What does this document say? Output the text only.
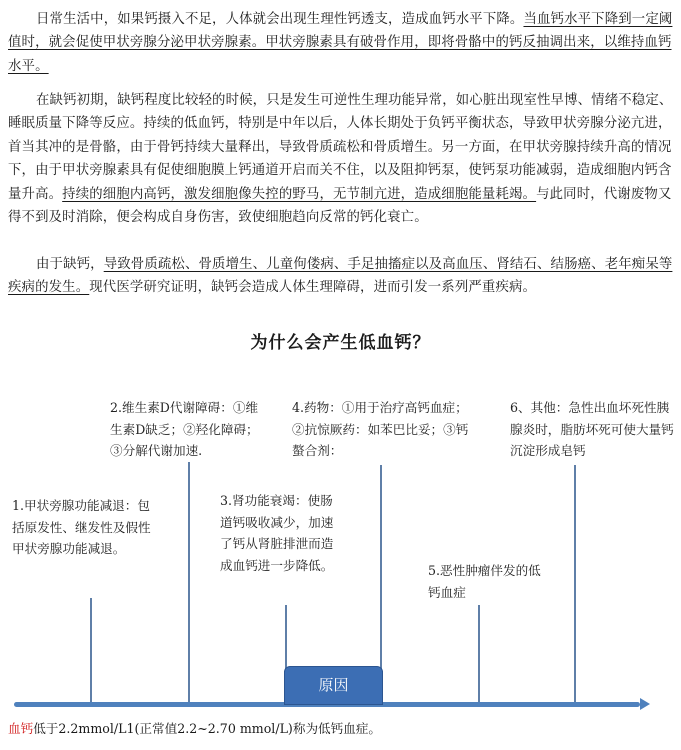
日常生活中，如果钙摄入不足，人体就会出现生理性钙透支，造成血钙水平下降。当血钙水平下降到一定阈值时，就会促使甲状旁腺分泌甲状旁腺素。甲状旁腺素具有破骨作用，即将骨骼中的钙反抽调出来，以维持血钙水平。

在缺钙初期，缺钙程度比较轻的时候，只是发生可逆性生理功能异常，如心脏出现室性早博、情绪不稳定、睡眠质量下降等反应。持续的低血钙，特别是中年以后，人体长期处于负钙平衡状态，导致甲状旁腺分泌亢进，首当其冲的是骨骼，由于骨钙持续大量释出，导致骨质疏松和骨质增生。另一方面，在甲状旁腺持续升高的情况下，由于甲状旁腺素具有促使细胞膜上钙通道开启而关不住，以及阻抑钙泵，使钙泵功能减弱，造成细胞内钙含量升高。持续的细胞内高钙，激发细胞像失控的野马，无节制亢进，造成细胞能量耗竭。与此同时，代谢废物又得不到及时消除，便会构成自身伤害，致使细胞趋向反常的钙化衰亡。

由于缺钙，导致骨质疏松、骨质增生、儿童佝偻病、手足抽搐症以及高血压、肾结石、结肠癌、老年痴呆等疾病的发生。现代医学研究证明，缺钙会造成人体生理障碍，进而引发一系列严重疾病。

为什么会产生低血钙？
1.甲状旁腺功能减退：包括原发性、继发性及假性甲状旁腺功能减退。
2.维生素D代谢障碍：①维生素D缺乏；②羟化障碍；③分解代谢加速.
3.肾功能衰竭：使肠道钙吸收减少，加速了钙从肾脏排泄而造成血钙进一步降低。
4.药物：①用于治疗高钙血症；②抗惊厥药：如苯巴比妥；③钙螯合剂：
5.恶性肿瘤伴发的低钙血症
6、其他：急性出血坏死性胰腺炎时，脂肪坏死可使大量钙沉淀形成皂钙
原因
血钙低于2.2mmol/L1(正常值2.2~2.70 mmol/L)称为低钙血症。
